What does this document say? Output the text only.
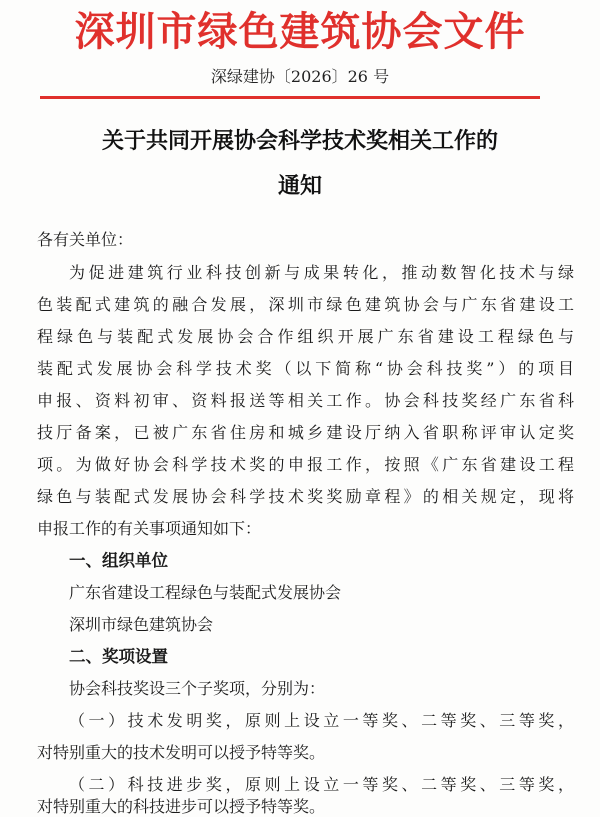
深圳市绿色建筑协会文件
深绿建协〔2026〕26 号
关于共同开展协会科学技术奖相关工作的
通知
各有关单位：
为促进建筑行业科技创新与成果转化，推动数智化技术与绿
色装配式建筑的融合发展，深圳市绿色建筑协会与广东省建设工
程绿色与装配式发展协会合作组织开展广东省建设工程绿色与
装配式发展协会科学技术奖（以下简称“协会科技奖”）的项目
申报、资料初审、资料报送等相关工作。协会科技奖经广东省科
技厅备案，已被广东省住房和城乡建设厅纳入省职称评审认定奖
项。为做好协会科学技术奖的申报工作，按照《广东省建设工程
绿色与装配式发展协会科学技术奖奖励章程》的相关规定，现将
申报工作的有关事项通知如下：
一、组织单位
广东省建设工程绿色与装配式发展协会
深圳市绿色建筑协会
二、奖项设置
协会科技奖设三个子奖项，分别为：
（一）技术发明奖，原则上设立一等奖、二等奖、三等奖，
对特别重大的技术发明可以授予特等奖。
（二）科技进步奖，原则上设立一等奖、二等奖、三等奖，
对特别重大的科技进步可以授予特等奖。
